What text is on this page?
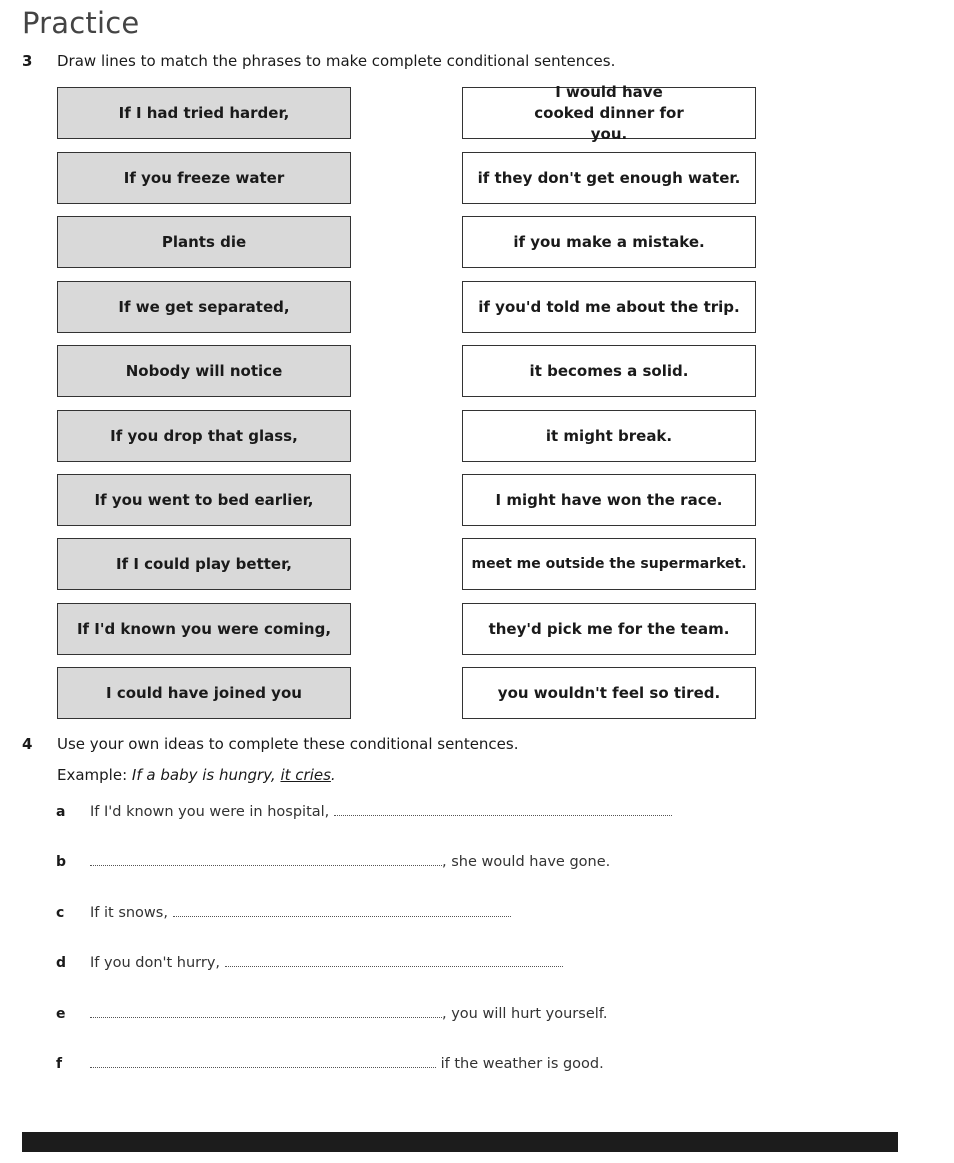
Practice
3 Draw lines to match the phrases to make complete conditional sentences.
If I had tried harder,
If you freeze water
Plants die
If we get separated,
Nobody will notice
If you drop that glass,
If you went to bed earlier,
If I could play better,
If I'd known you were coming,
I could have joined you
I would have cooked dinner for you.
if they don't get enough water.
if you make a mistake.
if you'd told me about the trip.
it becomes a solid.
it might break.
I might have won the race.
meet me outside the supermarket.
they'd pick me for the team.
you wouldn't feel so tired.
4 Use your own ideas to complete these conditional sentences.
Example: If a baby is hungry, it cries.
a If I'd known you were in hospital,
b	, she would have gone.
c If it snows,
d If you don't hurry,
e	, you will hurt yourself.
f	if the weather is good.
